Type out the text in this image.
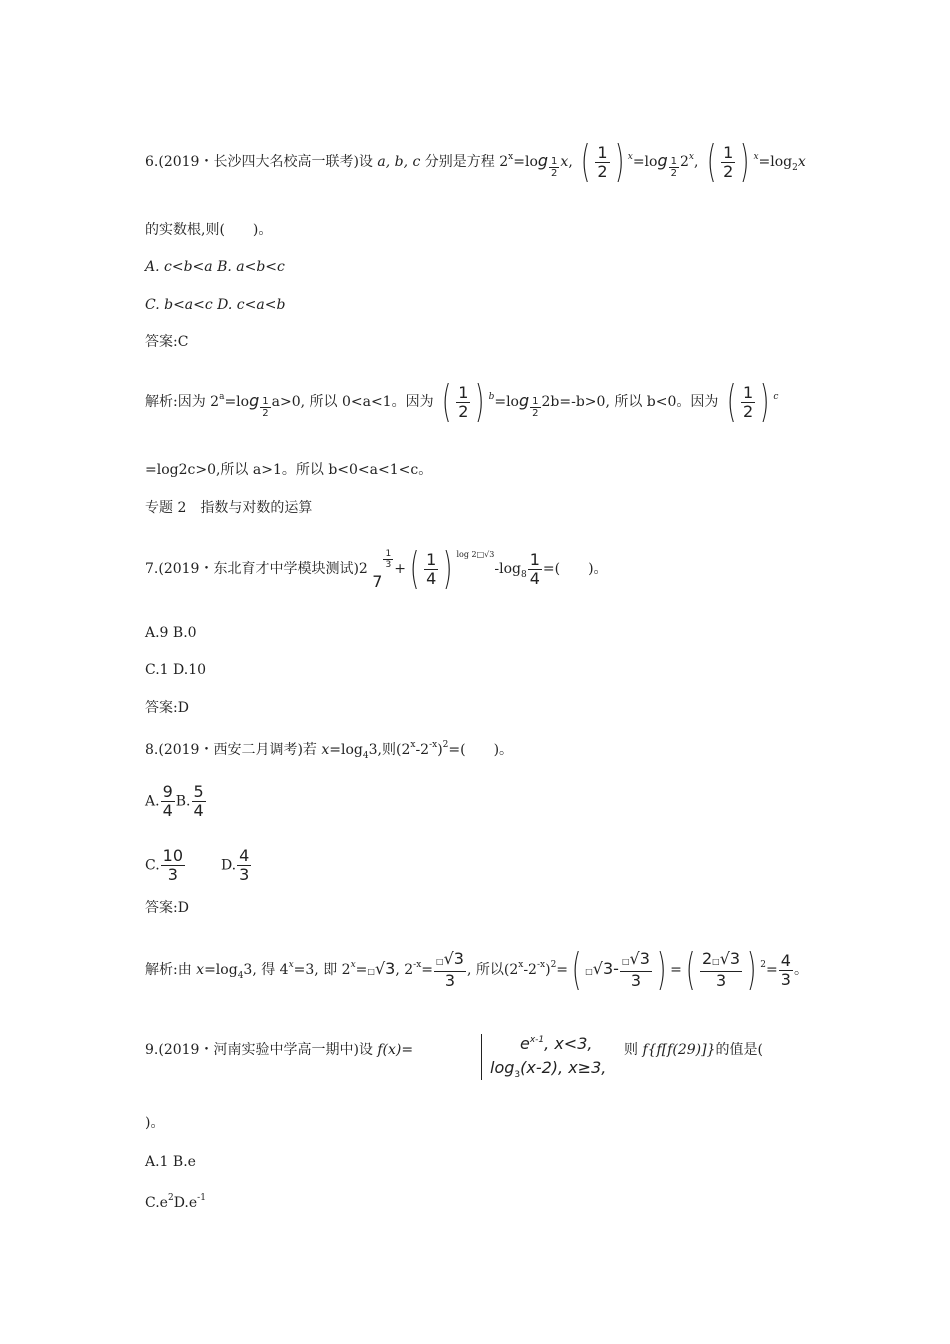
6.(2019・长沙四大名校高一联考)设 a, b, c 分别是方程 $2^x=\log \frac{1}{2} x$, ( $\frac{1}{2}$ ) $^x=\log \frac{1}{2} 2^x$, ( $\frac{1}{2}$ ) $^x=\log_2x$
的实数根,则(　　)。
A. c<b<a B. a<b<c
C. b<a<c D. c<a<b
答案:C
解析:因为 $2^a=\log \frac{1}{2} a>0$, 所以 0<a<1。因为 ( $\frac{1}{2}$ ) $^b=\log \frac{1}{2} 2b=-b>0$, 所以 b<0。因为 ( $\frac{1}{2}$ ) $^c$
=log2c>0,所以 a>1。所以 b<0<a<1<c。
专题 2　指数与对数的运算
7.(2019・东北育才中学模块测试)2 7
$\frac{1}{3}$ +( $\frac{1}{4}$ ) $^{log 2□√3}-\log_8 \frac{1}{4}$ =(　　)。
A.9 B.0
C.1 D.10
答案:D
8.(2019・西安二月调考)若 $x=\log_43$,则$(2^x-2^{-x})^2=$(　　)。
A. $\frac{9}{4} B$. $\frac{5}{4}$
C. $\frac{10}{3}$	D. $\frac{4}{3}$
答案:D
解析:由 $x=\log_43$, 得 $4^x=3$, 即 $2^x=□√3$, $2^{-x}= \frac{□√3}{3}$ , 所以$(2^x-2^{-x})^2=$( □√3- $\frac{□√3}{3}$ ) =( $\frac{2□√3}{3}$ ) $^2= \frac{4}{3}$ 。
9.(2019・河南实验中学高一期中)设 f(x)=	$e^{x-1}$, x<3,
$\log_3(x-2)$, x≥3,
则 f{f[f(29)]}的值是(
)。
A.1 B.e
$C.e^2D.e^{-1}$
